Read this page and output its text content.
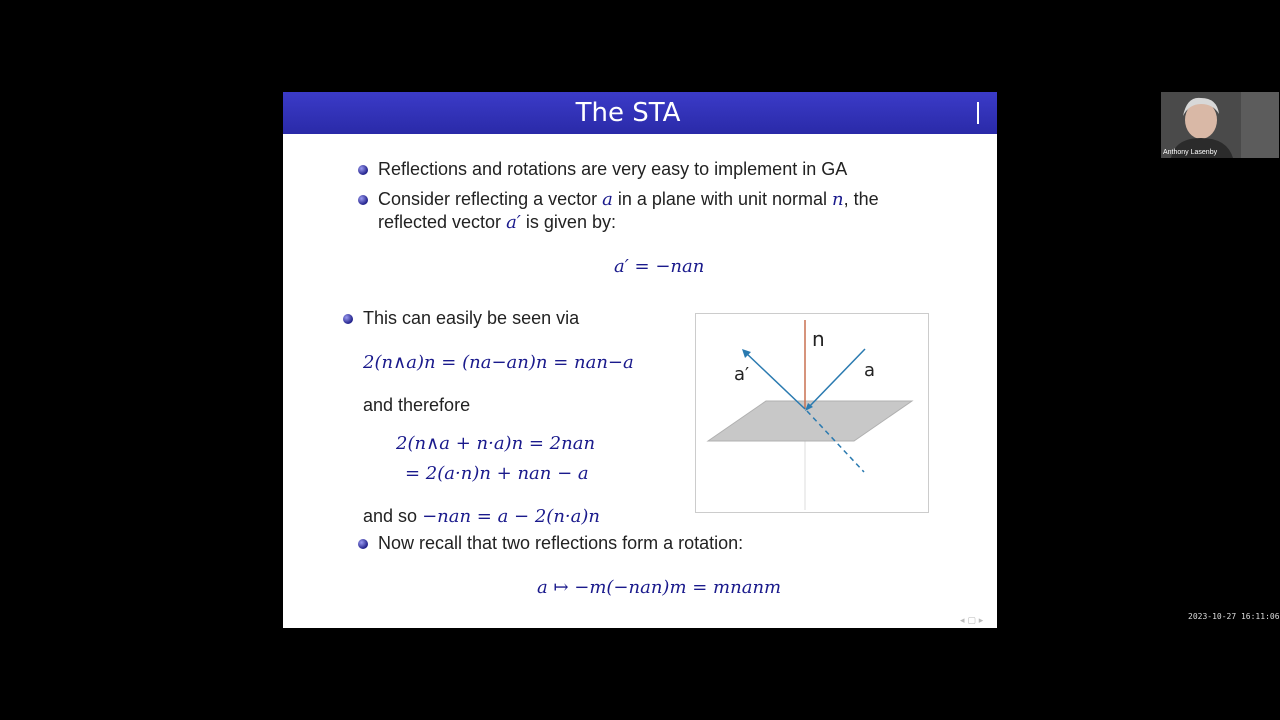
The STA
Reflections and rotations are very easy to implement in GA
Consider reflecting a vector a in a plane with unit normal n, the
reflected vector a′ is given by:
a′ = −nan
This can easily be seen via
2(n∧a)n = (na−an)n = nan−a
and therefore
2(n∧a + n·a)n = 2nan
= 2(a·n)n + nan − a
and so −nan = a − 2(n·a)n
Now recall that two reflections form a rotation:
a ↦ −m(−nan)m = mnanm
n
a
a′
◂ ▢ ▸
Anthony Lasenby
2023-10-27 16:11:06
